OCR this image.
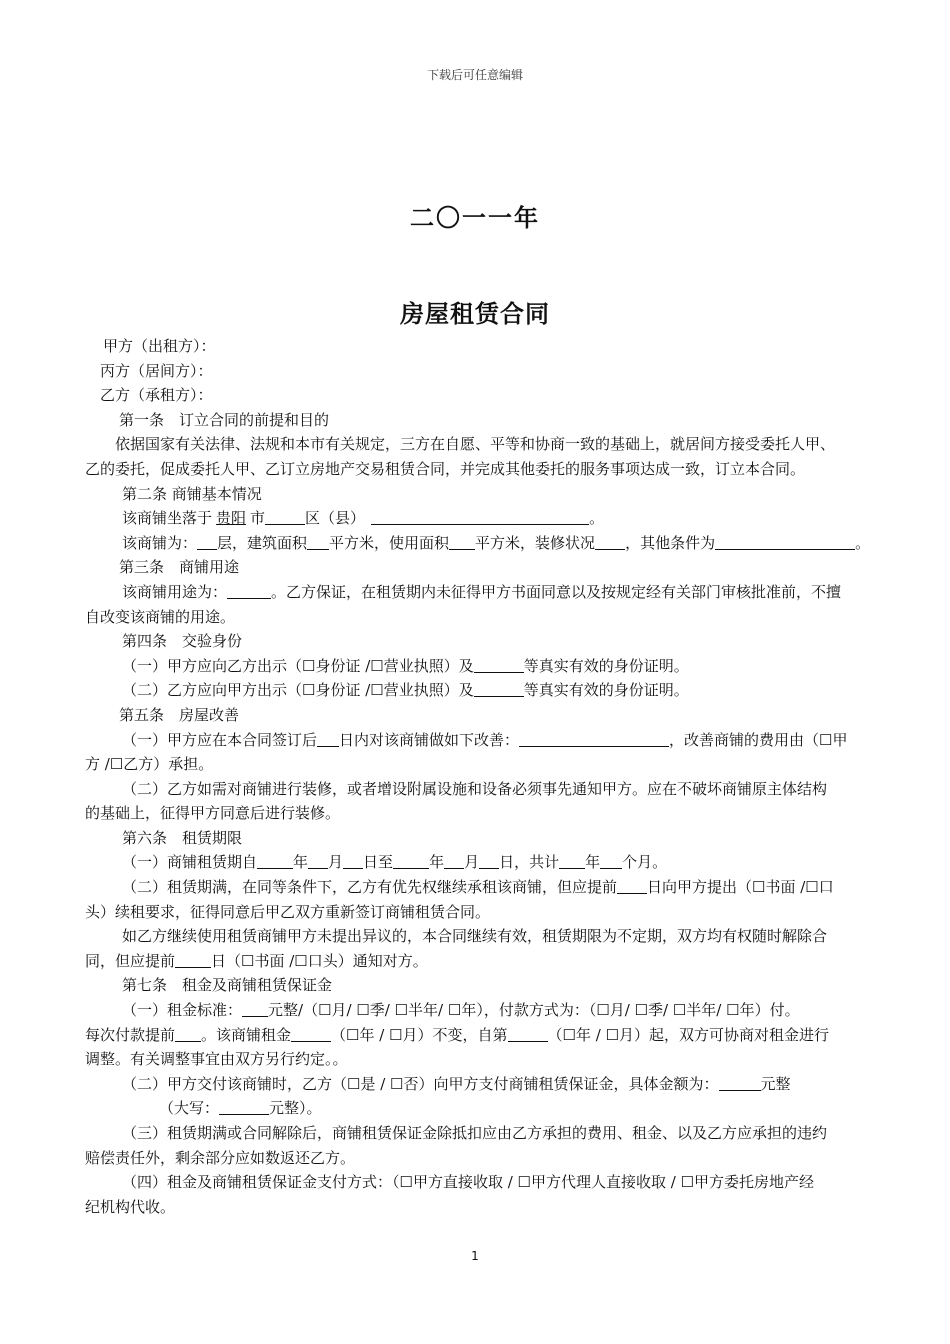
下载后可任意编辑
二〇一一年
房屋租赁合同
甲方（出租方）：
丙方（居间方）：
乙方（承租方）：
第一条　订立合同的前提和目的
依据国家有关法律、法规和本市有关规定，三方在自愿、平等和协商一致的基础上，就居间方接受委托人甲、
乙的委托，促成委托人甲、乙订立房地产交易租赁合同，并完成其他委托的服务事项达成一致，订立本合同。
第二条 商铺基本情况
该商铺坐落于 贵阳 市	区（县）	。
该商铺为： 层，建筑面积 平方米，使用面积 平方米，装修状况 ，其他条件为	。
第三条　商铺用途
该商铺用途为：	。乙方保证，在租赁期内未征得甲方书面同意以及按规定经有关部门审核批准前，不擅
自改变该商铺的用途。
第四条　交验身份
（一）甲方应向乙方出示（☐身份证 /☐营业执照）及	等真实有效的身份证明。
（二）乙方应向甲方出示（☐身份证 /☐营业执照）及	等真实有效的身份证明。
第五条　房屋改善
（一）甲方应在本合同签订后 日内对该商铺做如下改善：	，改善商铺的费用由（☐甲
方 /☐乙方）承担。
（二）乙方如需对商铺进行装修，或者增设附属设施和设备必须事先通知甲方。应在不破坏商铺原主体结构
的基础上，征得甲方同意后进行装修。
第六条　租赁期限
（一）商铺租赁期自 年 月 日至 年 月 日，共计 年 个月。
（二）租赁期满，在同等条件下，乙方有优先权继续承租该商铺，但应提前 日向甲方提出（☐书面 /☐口
头）续租要求，征得同意后甲乙双方重新签订商铺租赁合同。
如乙方继续使用租赁商铺甲方未提出异议的，本合同继续有效，租赁期限为不定期，双方均有权随时解除合
同，但应提前 日（☐书面 /☐口头）通知对方。
第七条　租金及商铺租赁保证金
（一）租金标准： 元整/（☐月/ ☐季/ ☐半年/ ☐年），付款方式为：（☐月/ ☐季/ ☐半年/ ☐年）付。
每次付款提前 。该商铺租金	（☐年 / ☐月）不变，自第	（☐年 / ☐月）起，双方可协商对租金进行
调整。有关调整事宜由双方另行约定。。
（二）甲方交付该商铺时，乙方（☐是 / ☐否）向甲方支付商铺租赁保证金，具体金额为：	元整
（大写：	元整）。
（三）租赁期满或合同解除后，商铺租赁保证金除抵扣应由乙方承担的费用、租金、以及乙方应承担的违约
赔偿责任外，剩余部分应如数返还乙方。
（四）租金及商铺租赁保证金支付方式：（☐甲方直接收取 / ☐甲方代理人直接收取 / ☐甲方委托房地产经
纪机构代收。
1
